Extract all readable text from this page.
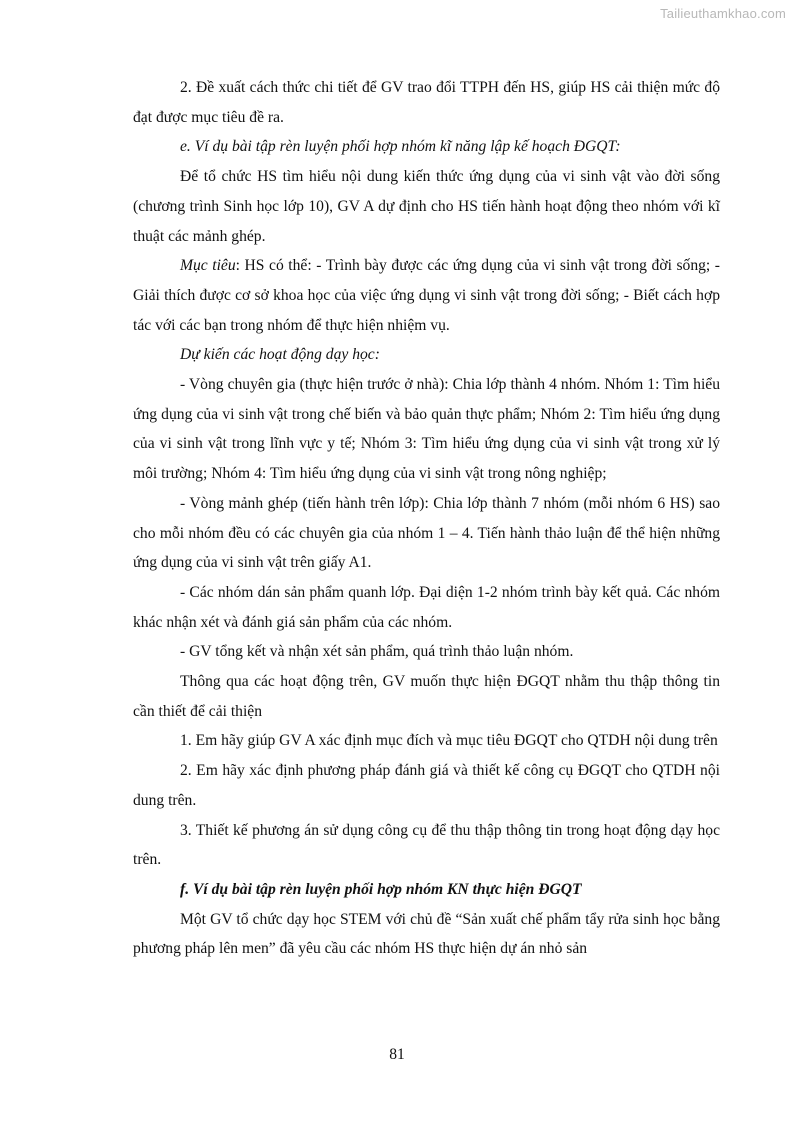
Tailieuthamkhao.com

2. Đề xuất cách thức chi tiết để GV trao đổi TTPH đến HS, giúp HS cải thiện mức độ đạt được mục tiêu đề ra.

e. Ví dụ bài tập rèn luyện phối hợp nhóm kĩ năng lập kế hoạch ĐGQT:

Để tổ chức HS tìm hiểu nội dung kiến thức ứng dụng của vi sinh vật vào đời sống (chương trình Sinh học lớp 10), GV A dự định cho HS tiến hành hoạt động theo nhóm với kĩ thuật các mảnh ghép.

Mục tiêu: HS có thể: - Trình bày được các ứng dụng của vi sinh vật trong đời sống; - Giải thích được cơ sở khoa học của việc ứng dụng vi sinh vật trong đời sống; - Biết cách hợp tác với các bạn trong nhóm để thực hiện nhiệm vụ.

Dự kiến các hoạt động dạy học:

- Vòng chuyên gia (thực hiện trước ở nhà): Chia lớp thành 4 nhóm. Nhóm 1: Tìm hiểu ứng dụng của vi sinh vật trong chế biến và bảo quản thực phẩm; Nhóm 2: Tìm hiểu ứng dụng của vi sinh vật trong lĩnh vực y tế; Nhóm 3: Tìm hiểu ứng dụng của vi sinh vật trong xử lý môi trường; Nhóm 4: Tìm hiểu ứng dụng của vi sinh vật trong nông nghiệp;

- Vòng mảnh ghép (tiến hành trên lớp): Chia lớp thành 7 nhóm (mỗi nhóm 6 HS) sao cho mỗi nhóm đều có các chuyên gia của nhóm 1 – 4. Tiến hành thảo luận để thể hiện những ứng dụng của vi sinh vật trên giấy A1.

- Các nhóm dán sản phẩm quanh lớp. Đại diện 1-2 nhóm trình bày kết quả. Các nhóm khác nhận xét và đánh giá sản phẩm của các nhóm.

- GV tổng kết và nhận xét sản phẩm, quá trình thảo luận nhóm.

Thông qua các hoạt động trên, GV muốn thực hiện ĐGQT nhằm thu thập thông tin cần thiết để cải thiện

1. Em hãy giúp GV A xác định mục đích và mục tiêu ĐGQT cho QTDH nội dung trên

2. Em hãy xác định phương pháp đánh giá và thiết kế công cụ ĐGQT cho QTDH nội dung trên.

3. Thiết kế phương án sử dụng công cụ để thu thập thông tin trong hoạt động dạy học trên.

f. Ví dụ bài tập rèn luyện phối hợp nhóm KN thực hiện ĐGQT

Một GV tổ chức dạy học STEM với chủ đề “Sản xuất chế phẩm tẩy rửa sinh học bằng phương pháp lên men” đã yêu cầu các nhóm HS thực hiện dự án nhỏ sản

81
